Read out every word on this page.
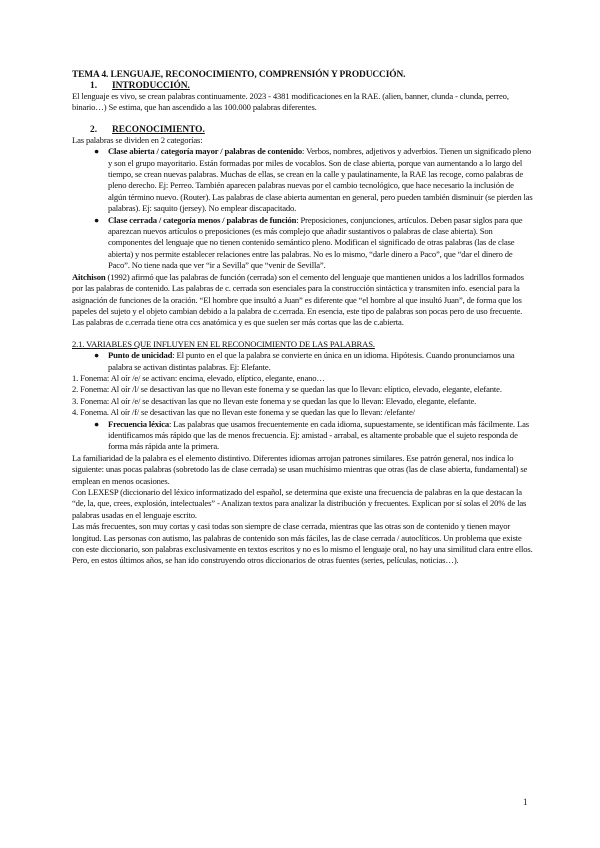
TEMA 4. LENGUAJE, RECONOCIMIENTO, COMPRENSIÓN Y PRODUCCIÓN.
1. INTRODUCCIÓN.

El lenguaje es vivo, se crean palabras continuamente. 2023 - 4381 modificaciones en la RAE. (alien, banner, clunda - clunda, perreo, binario…) Se estima, que han ascendido a las 100.000 palabras diferentes.

2. RECONOCIMIENTO.

Las palabras se dividen en 2 categorías:

● Clase abierta / categoría mayor / palabras de contenido: Verbos, nombres, adjetivos y adverbios. Tienen un significado pleno y son el grupo mayoritario. Están formadas por miles de vocablos. Son de clase abierta, porque van aumentando a lo largo del tiempo, se crean nuevas palabras. Muchas de ellas, se crean en la calle y paulatinamente, la RAE las recoge, como palabras de pleno derecho. Ej: Perreo. También aparecen palabras nuevas por el cambio tecnológico, que hace necesario la inclusión de algún término nuevo. (Router). Las palabras de clase abierta aumentan en general, pero pueden también disminuir (se pierden las palabras). Ej: saquito (jersey). No emplear discapacitado.
● Clase cerrada / categoría menos / palabras de función: Preposiciones, conjunciones, artículos. Deben pasar siglos para que aparezcan nuevos artículos o preposiciones (es más complejo que añadir sustantivos o palabras de clase abierta). Son componentes del lenguaje que no tienen contenido semántico pleno. Modifican el significado de otras palabras (las de clase abierta) y nos permite establecer relaciones entre las palabras. No es lo mismo, “darle dinero a Paco”, que “dar el dinero de Paco”. No tiene nada que ver “ir a Sevilla” que “venir de Sevilla”.

Aitchison (1992) afirmó que las palabras de función (cerrada) son el cemento del lenguaje que mantienen unidos a los ladrillos formados por las palabras de contenido. Las palabras de c. cerrada son esenciales para la construcción sintáctica y transmiten info. esencial para la asignación de funciones de la oración. “El hombre que insultó a Juan” es diferente que “el hombre al que insultó Juan”, de forma que los papeles del sujeto y el objeto cambian debido a la palabra de c.cerrada. En esencia, este tipo de palabras son pocas pero de uso frecuente. Las palabras de c.cerrada tiene otra ccs anatómica y es que suelen ser más cortas que las de c.abierta.

2.1. VARIABLES QUE INFLUYEN EN EL RECONOCIMIENTO DE LAS PALABRAS.

● Punto de unicidad: El punto en el que la palabra se convierte en única en un idioma. Hipótesis. Cuando pronunciamos una palabra se activan distintas palabras. Ej: Elefante.
1. Fonema: Al oír /e/ se activan: encima, elevado, elíptico, elegante, enano…
2. Fonema: Al oír /l/ se desactivan las que no llevan este fonema y se quedan las que lo llevan: elíptico, elevado, elegante, elefante.
3. Fonema: Al oír /e/ se desactivan las que no llevan este fonema y se quedan las que lo llevan: Elevado, elegante, elefante.
4. Fonema. Al oír /f/ se desactivan las que no llevan este fonema y se quedan las que lo llevan: /elefante/
● Frecuencia léxica: Las palabras que usamos frecuentemente en cada idioma, supuestamente, se identifican más fácilmente. Las identificamos más rápido que las de menos frecuencia. Ej: amistad - arrabal, es altamente probable que el sujeto responda de forma más rápida ante la primera.

La familiaridad de la palabra es el elemento distintivo. Diferentes idiomas arrojan patrones similares. Ese patrón general, nos indica lo siguiente: unas pocas palabras (sobretodo las de clase cerrada) se usan muchísimo mientras que otras (las de clase abierta, fundamental) se emplean en menos ocasiones.

Con LEXESP (diccionario del léxico informatizado del español, se determina que existe una frecuencia de palabras en la que destacan la “de, la, que, crees, explosión, intelectuales” - Analizan textos para analizar la distribución y frecuentes. Explican por sí solas el 20% de las palabras usadas en el lenguaje escrito.

Las más frecuentes, son muy cortas y casi todas son siempre de clase cerrada, mientras que las otras son de contenido y tienen mayor longitud. Las personas con autismo, las palabras de contenido son más fáciles, las de clase cerrada / autoclíticos. Un problema que existe con este diccionario, son palabras exclusivamente en textos escritos y no es lo mismo el lenguaje oral, no hay una similitud clara entre ellos. Pero, en estos últimos años, se han ido construyendo otros diccionarios de otras fuentes (series, películas, noticias…).

1
